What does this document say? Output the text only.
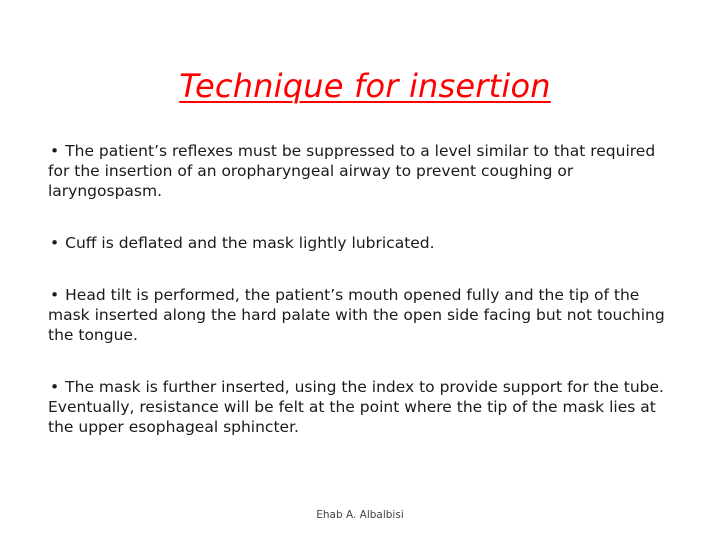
Technique for insertion
• The patient’s reflexes must be suppressed to a level similar to that required for the insertion of an oropharyngeal airway to prevent coughing or laryngospasm.
• Cuff is deflated and the mask lightly lubricated.
• Head tilt is performed, the patient’s mouth opened fully and the tip of the mask inserted along the hard palate with the open side facing but not touching the tongue.
• The mask is further inserted, using the index to provide support for the tube. Eventually, resistance will be felt at the point where the tip of the mask lies at the upper esophageal sphincter.
Ehab A. Albalbisi
